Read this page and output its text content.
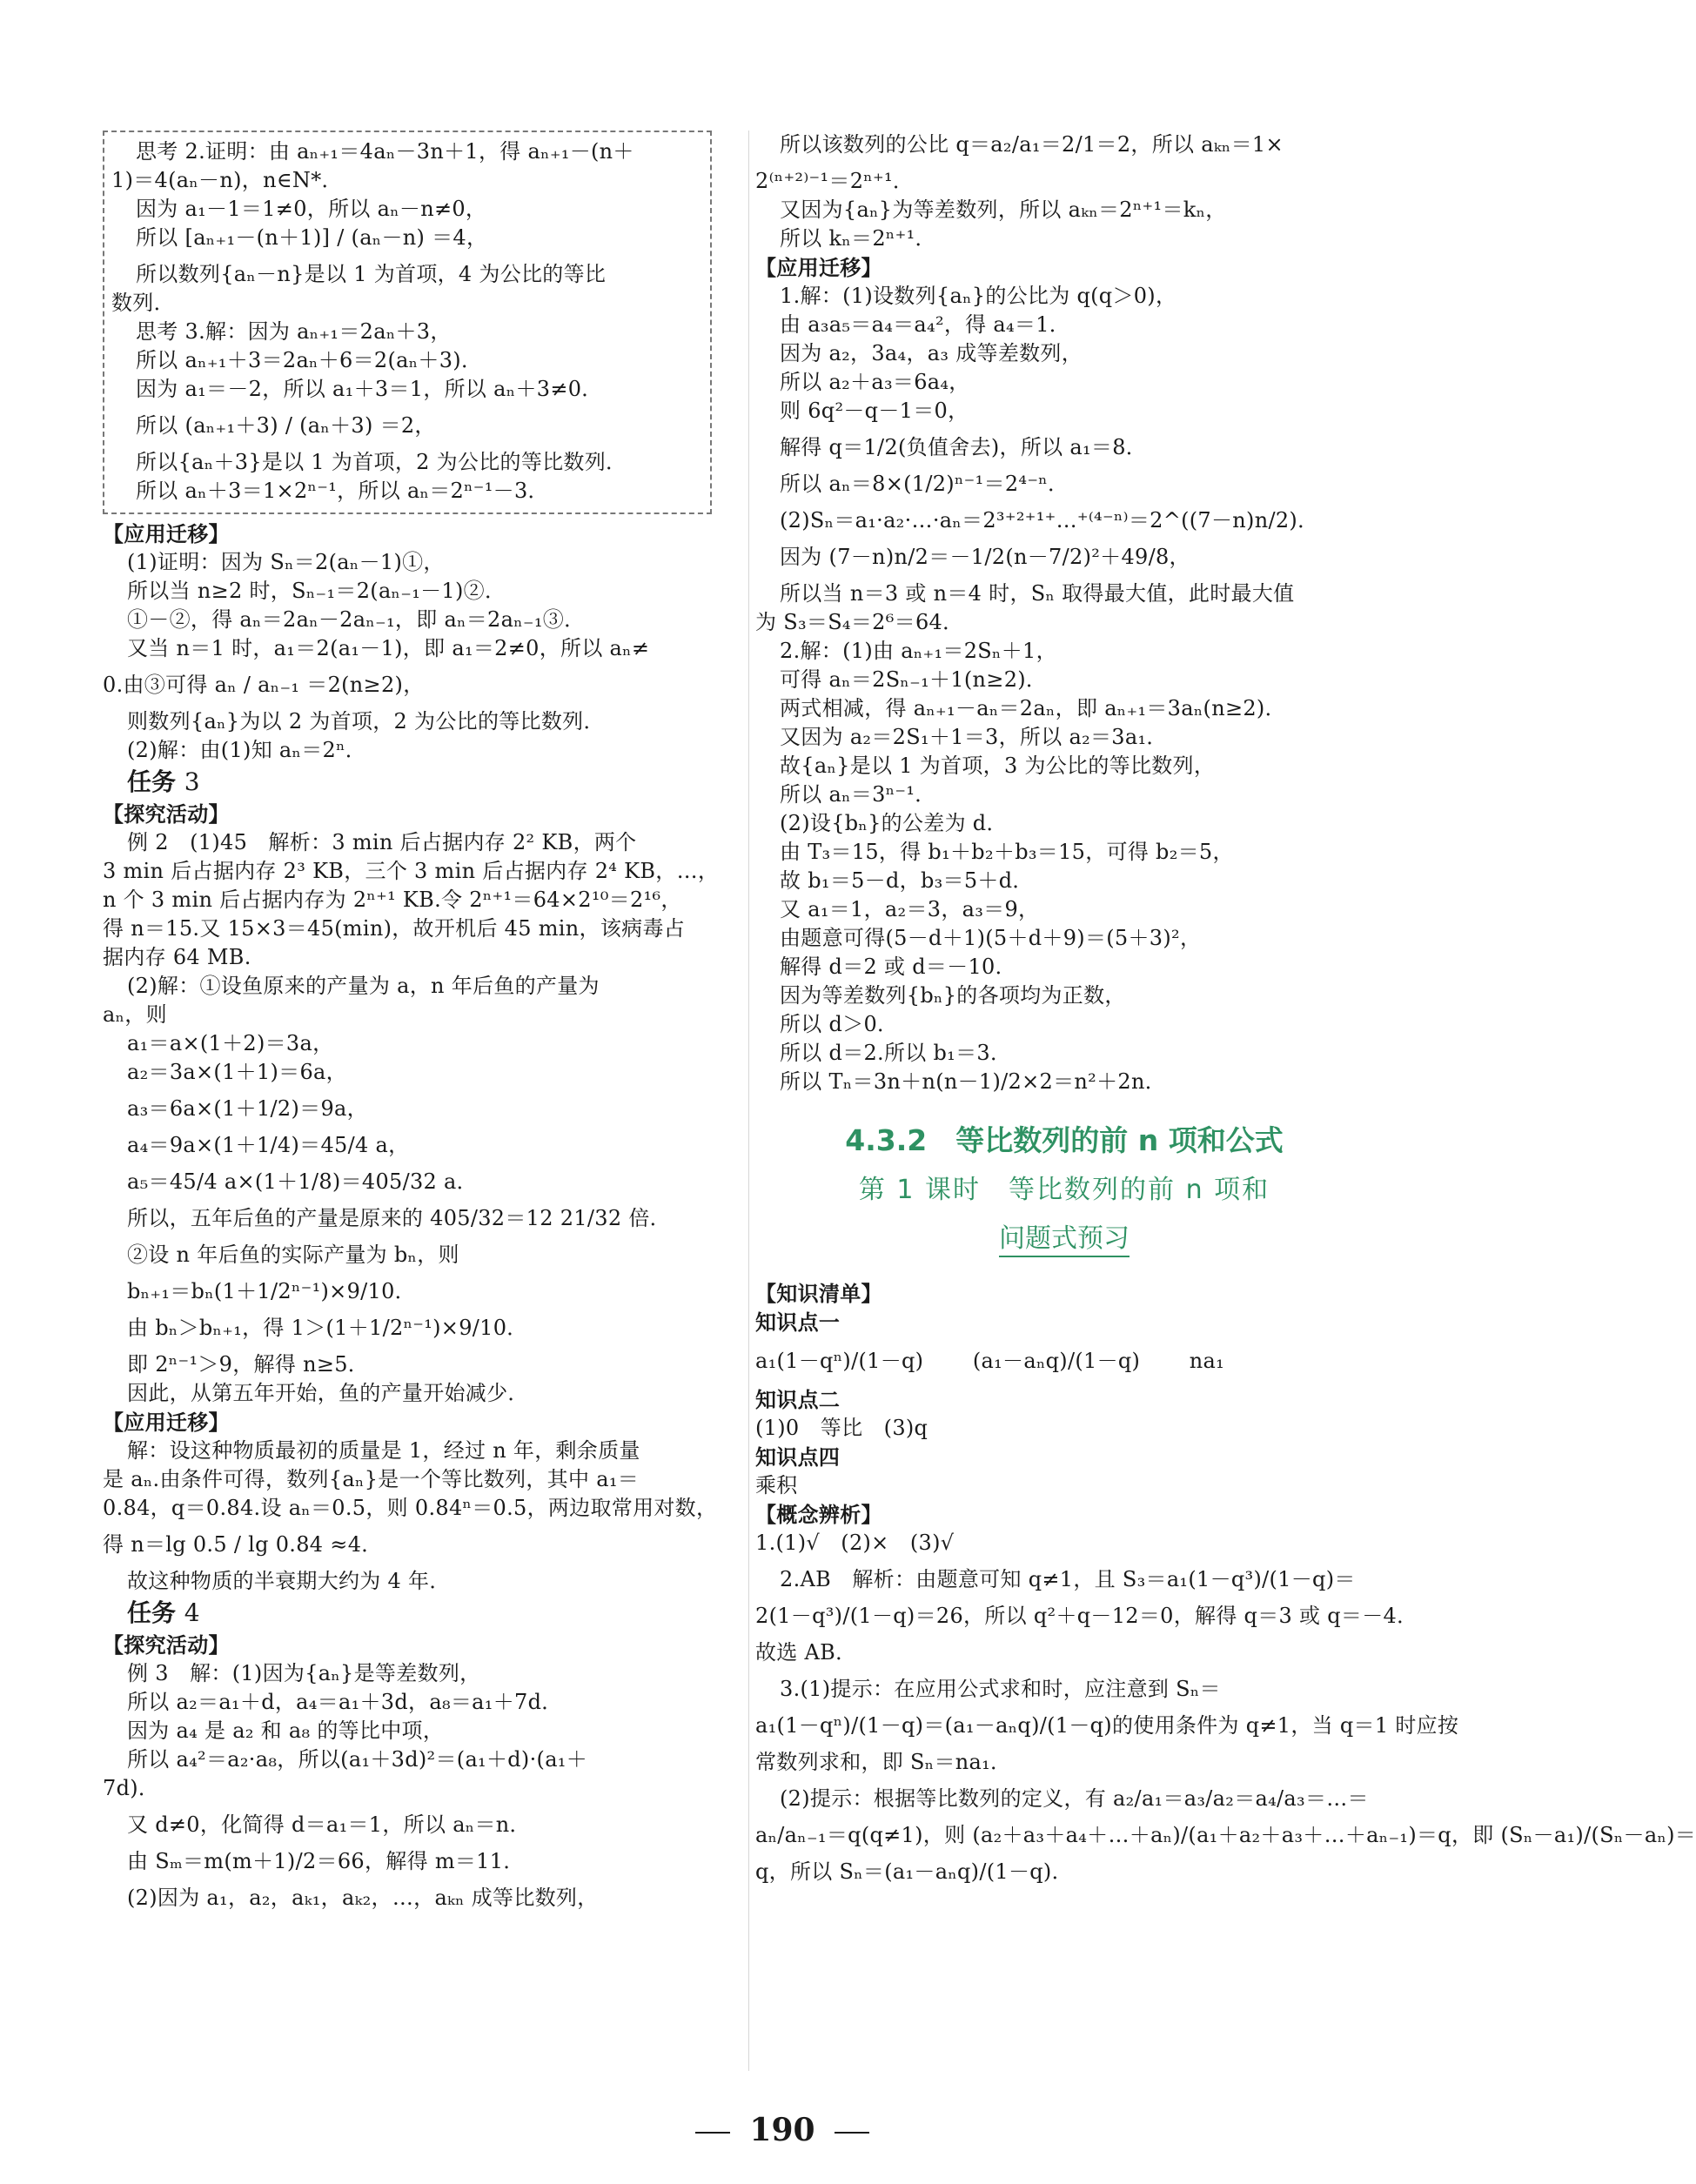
思考 2.证明：由 aₙ₊₁＝4aₙ－3n＋1，得 aₙ₊₁－(n＋
1)＝4(aₙ－n)，n∈N*．
因为 a₁－1＝1≠0，所以 aₙ－n≠0，
所以 [aₙ₊₁－(n＋1)] / (aₙ－n) ＝4，
所以数列{aₙ－n}是以 1 为首项，4 为公比的等比
数列．
思考 3.解：因为 aₙ₊₁＝2aₙ＋3，
所以 aₙ₊₁＋3＝2aₙ＋6＝2(aₙ＋3)．
因为 a₁＝－2，所以 a₁＋3＝1，所以 aₙ＋3≠0．
所以 (aₙ₊₁＋3) / (aₙ＋3) ＝2，
所以{aₙ＋3}是以 1 为首项，2 为公比的等比数列．
所以 aₙ＋3＝1×2ⁿ⁻¹，所以 aₙ＝2ⁿ⁻¹－3．
【应用迁移】
(1)证明：因为 Sₙ＝2(aₙ－1)①，
所以当 n≥2 时，Sₙ₋₁＝2(aₙ₋₁－1)②．
①－②，得 aₙ＝2aₙ－2aₙ₋₁，即 aₙ＝2aₙ₋₁③．
又当 n＝1 时，a₁＝2(a₁－1)，即 a₁＝2≠0，所以 aₙ≠
0.由③可得 aₙ / aₙ₋₁ ＝2(n≥2)，
则数列{aₙ}为以 2 为首项，2 为公比的等比数列．
(2)解：由(1)知 aₙ＝2ⁿ．
任务 3
【探究活动】
例 2　(1)45　解析：3 min 后占据内存 2² KB，两个
3 min 后占据内存 2³ KB，三个 3 min 后占据内存 2⁴ KB，…，
n 个 3 min 后占据内存为 2ⁿ⁺¹ KB.令 2ⁿ⁺¹＝64×2¹⁰＝2¹⁶，
得 n＝15.又 15×3＝45(min)，故开机后 45 min，该病毒占
据内存 64 MB.
(2)解：①设鱼原来的产量为 a，n 年后鱼的产量为
aₙ，则
a₁＝a×(1＋2)＝3a，
a₂＝3a×(1＋1)＝6a，
a₃＝6a×(1＋1/2)＝9a，
a₄＝9a×(1＋1/4)＝45/4 a，
a₅＝45/4 a×(1＋1/8)＝405/32 a．
所以，五年后鱼的产量是原来的 405/32＝12 21/32 倍．
②设 n 年后鱼的实际产量为 bₙ，则
bₙ₊₁＝bₙ(1＋1/2ⁿ⁻¹)×9/10．
由 bₙ＞bₙ₊₁，得 1＞(1＋1/2ⁿ⁻¹)×9/10．
即 2ⁿ⁻¹＞9，解得 n≥5．
因此，从第五年开始，鱼的产量开始减少．
【应用迁移】
解：设这种物质最初的质量是 1，经过 n 年，剩余质量
是 aₙ.由条件可得，数列{aₙ}是一个等比数列，其中 a₁＝
0.84，q＝0.84.设 aₙ＝0.5，则 0.84ⁿ＝0.5，两边取常用对数，
得 n＝lg 0.5 / lg 0.84 ≈4．
故这种物质的半衰期大约为 4 年．
任务 4
【探究活动】
例 3　解：(1)因为{aₙ}是等差数列，
所以 a₂＝a₁＋d，a₄＝a₁＋3d，a₈＝a₁＋7d．
因为 a₄ 是 a₂ 和 a₈ 的等比中项，
所以 a₄²＝a₂·a₈，所以(a₁＋3d)²＝(a₁＋d)·(a₁＋
7d)．
又 d≠0，化简得 d＝a₁＝1，所以 aₙ＝n．
由 Sₘ＝m(m＋1)/2＝66，解得 m＝11．
(2)因为 a₁，a₂，aₖ₁，aₖ₂，…，aₖₙ 成等比数列，
所以该数列的公比 q＝a₂/a₁＝2/1＝2，所以 aₖₙ＝1×
2⁽ⁿ⁺²⁾⁻¹＝2ⁿ⁺¹．
又因为{aₙ}为等差数列，所以 aₖₙ＝2ⁿ⁺¹＝kₙ，
所以 kₙ＝2ⁿ⁺¹．
【应用迁移】
1.解：(1)设数列{aₙ}的公比为 q(q＞0)，
由 a₃a₅＝a₄＝a₄²，得 a₄＝1．
因为 a₂，3a₄，a₃ 成等差数列，
所以 a₂＋a₃＝6a₄，
则 6q²－q－1＝0，
解得 q＝1/2(负值舍去)，所以 a₁＝8．
所以 aₙ＝8×(1/2)ⁿ⁻¹＝2⁴⁻ⁿ．
(2)Sₙ＝a₁·a₂·…·aₙ＝2³⁺²⁺¹⁺…⁺⁽⁴⁻ⁿ⁾＝2^((7－n)n/2)．
因为 (7－n)n/2＝－1/2(n－7/2)²＋49/8，
所以当 n＝3 或 n＝4 时，Sₙ 取得最大值，此时最大值
为 S₃＝S₄＝2⁶＝64．
2.解：(1)由 aₙ₊₁＝2Sₙ＋1，
可得 aₙ＝2Sₙ₋₁＋1(n≥2)．
两式相减，得 aₙ₊₁－aₙ＝2aₙ，即 aₙ₊₁＝3aₙ(n≥2)．
又因为 a₂＝2S₁＋1＝3，所以 a₂＝3a₁．
故{aₙ}是以 1 为首项，3 为公比的等比数列，
所以 aₙ＝3ⁿ⁻¹．
(2)设{bₙ}的公差为 d．
由 T₃＝15，得 b₁＋b₂＋b₃＝15，可得 b₂＝5，
故 b₁＝5－d，b₃＝5＋d．
又 a₁＝1，a₂＝3，a₃＝9，
由题意可得(5－d＋1)(5＋d＋9)＝(5＋3)²，
解得 d＝2 或 d＝－10．
因为等差数列{bₙ}的各项均为正数，
所以 d＞0．
所以 d＝2.所以 b₁＝3．
所以 Tₙ＝3n＋n(n－1)/2×2＝n²＋2n．
4.3.2　等比数列的前 n 项和公式
第 1 课时　等比数列的前 n 项和
问题式预习
【知识清单】
知识点一
a₁(1－qⁿ)/(1－q)　　 (a₁－aₙq)/(1－q)　　 na₁
知识点二
(1)0　等比　(3)q
知识点四
乘积
【概念辨析】
1.(1)√　(2)×　(3)√
2.AB　解析：由题意可知 q≠1，且 S₃＝a₁(1－q³)/(1－q)＝
2(1－q³)/(1－q)＝26，所以 q²＋q－12＝0，解得 q＝3 或 q＝－4．
故选 AB．
3.(1)提示：在应用公式求和时，应注意到 Sₙ＝
a₁(1－qⁿ)/(1－q)＝(a₁－aₙq)/(1－q)的使用条件为 q≠1，当 q＝1 时应按
常数列求和，即 Sₙ＝na₁．
(2)提示：根据等比数列的定义，有 a₂/a₁＝a₃/a₂＝a₄/a₃＝…＝
aₙ/aₙ₋₁＝q(q≠1)，则 (a₂＋a₃＋a₄＋…＋aₙ)/(a₁＋a₂＋a₃＋…＋aₙ₋₁)＝q，即 (Sₙ－a₁)/(Sₙ－aₙ)＝
q，所以 Sₙ＝(a₁－aₙq)/(1－q)．
190
